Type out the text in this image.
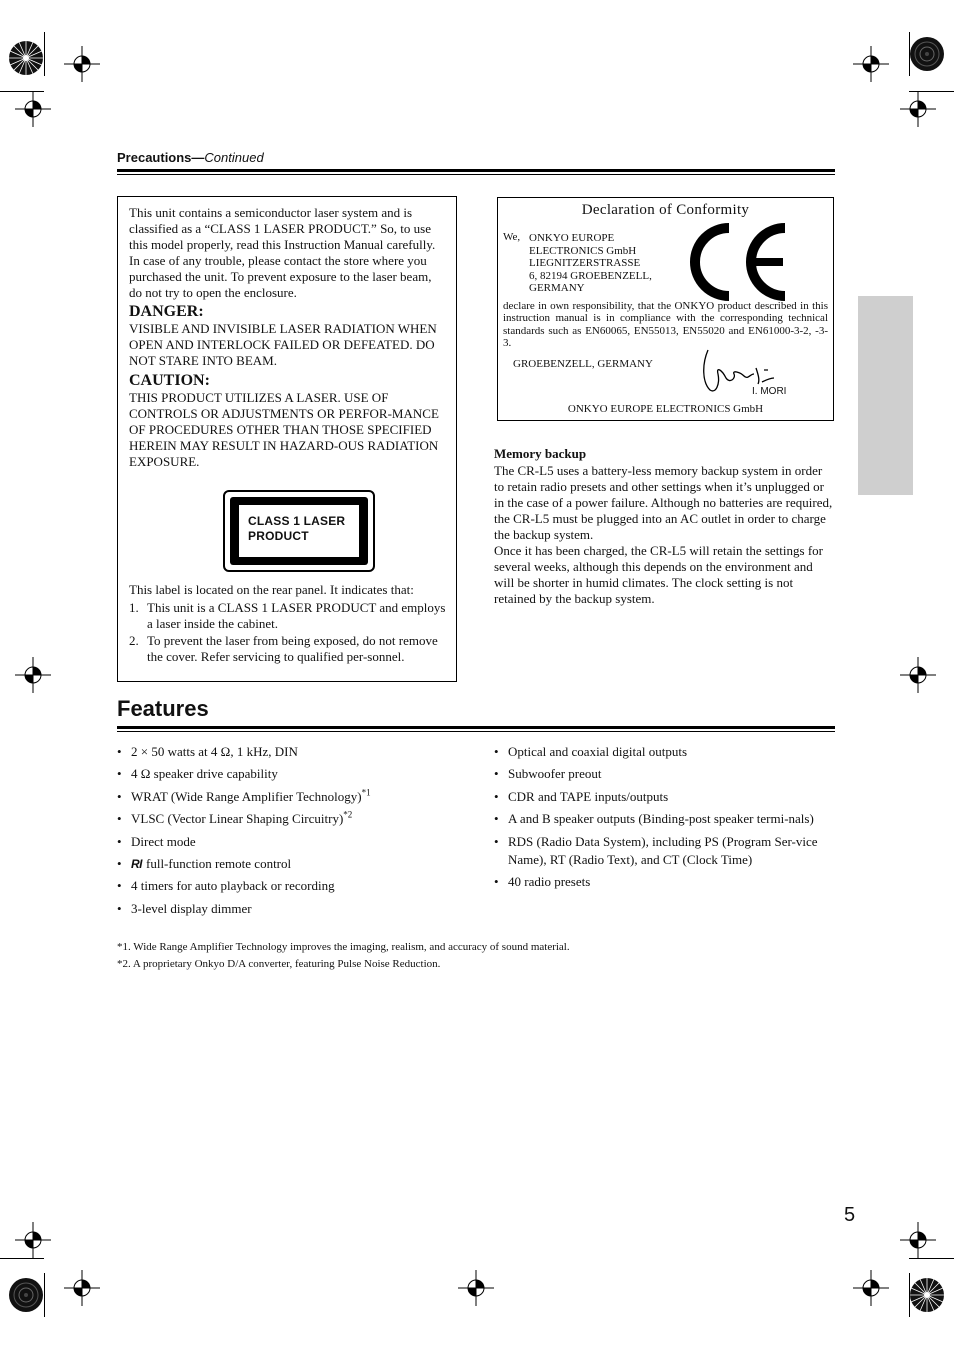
Precautions—Continued

This unit contains a semiconductor laser system and is classified as a “CLASS 1 LASER PRODUCT.” So, to use this model properly, read this Instruction Manual carefully. In case of any trouble, please contact the store where you purchased the unit. To prevent exposure to the laser beam, do not try to open the enclosure.

DANGER:

VISIBLE AND INVISIBLE LASER RADIATION WHEN OPEN AND INTERLOCK FAILED OR DEFEATED. DO NOT STARE INTO BEAM.

CAUTION:

THIS PRODUCT UTILIZES A LASER. USE OF CONTROLS OR ADJUSTMENTS OR PERFOR-MANCE OF PROCEDURES OTHER THAN THOSE SPECIFIED HEREIN MAY RESULT IN HAZARD-OUS RADIATION EXPOSURE.

CLASS 1 LASER
PRODUCT

This label is located on the rear panel. It indicates that:

1. This unit is a CLASS 1 LASER PRODUCT and employs a laser inside the cabinet.
2. To prevent the laser from being exposed, do not remove the cover. Refer servicing to qualified per-sonnel.
Declaration of Conformity
We, ONKYO EUROPE
ELECTRONICS GmbH
LIEGNITZERSTRASSE
6, 82194 GROEBENZELL,
GERMANY
declare in own responsibility, that the ONKYO product described in this instruction manual is in compliance with the corresponding technical standards such as EN60065, EN55013, EN55020 and EN61000-3-2, -3-3.
GROEBENZELL, GERMANY
I. MORI
ONKYO EUROPE ELECTRONICS GmbH

Memory backup

The CR-L5 uses a battery-less memory backup system in order to retain radio presets and other settings when it’s unplugged or in the case of a power failure. Although no batteries are required, the CR-L5 must be plugged into an AC outlet in order to charge the backup system.

Once it has been charged, the CR-L5 will retain the settings for several weeks, although this depends on the environment and will be shorter in humid climates. The clock setting is not retained by the backup system.

Features
• 2 × 50 watts at 4 Ω, 1 kHz, DIN
• 4 Ω speaker drive capability
• WRAT (Wide Range Amplifier Technology)$^{*1}$
• VLSC (Vector Linear Shaping Circuitry)$^{*2}$
• Direct mode
• RI full-function remote control
• 4 timers for auto playback or recording
• 3-level display dimmer
• Optical and coaxial digital outputs
• Subwoofer preout
• CDR and TAPE inputs/outputs
• A and B speaker outputs (Binding-post speaker termi-nals)
• RDS (Radio Data System), including PS (Program Ser-vice Name), RT (Radio Text), and CT (Clock Time)
• 40 radio presets
*1. Wide Range Amplifier Technology improves the imaging, realism, and accuracy of sound material.
*2. A proprietary Onkyo D/A converter, featuring Pulse Noise Reduction.
5
